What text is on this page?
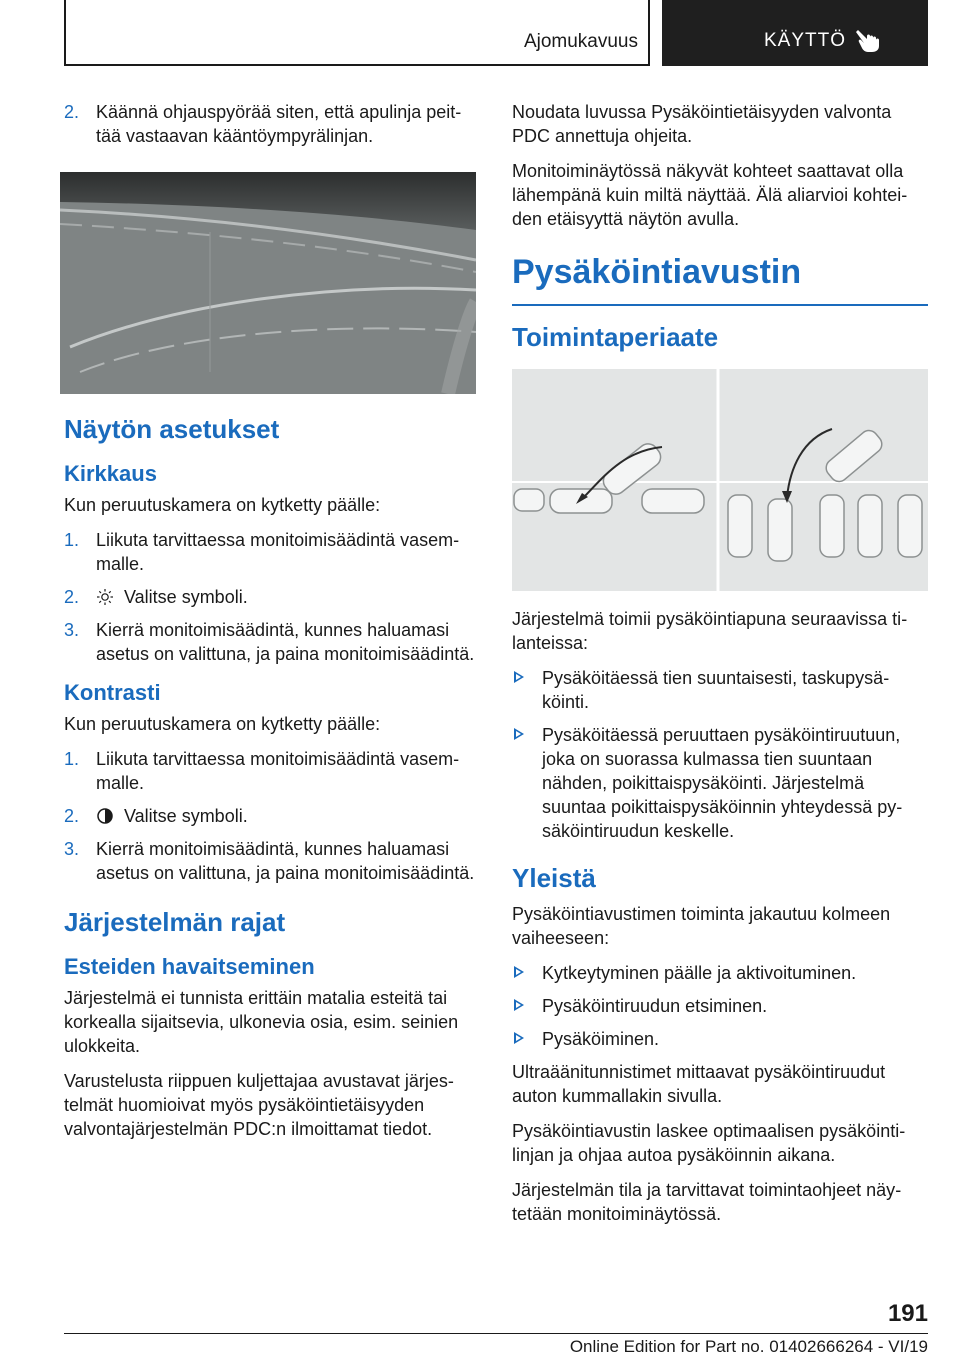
Ajomukavuus	KÄYTTÖ
2. Käännä ohjauspyörää siten, että apulinja peittää vastaavan kääntöympyrälinjan.
Näytön asetukset
Kirkkaus

Kun peruutuskamera on kytketty päälle:

1. Liikuta tarvittaessa monitoimisäädintä vasemmalle.
2. Valitse symboli.
3. Kierrä monitoimisäädintä, kunnes haluamasi asetus on valittuna, ja paina monitoimisäädintä.
Kontrasti

Kun peruutuskamera on kytketty päälle:

1. Liikuta tarvittaessa monitoimisäädintä vasemmalle.
2. Valitse symboli.
3. Kierrä monitoimisäädintä, kunnes haluamasi asetus on valittuna, ja paina monitoimisäädintä.
Järjestelmän rajat
Esteiden havaitseminen

Järjestelmä ei tunnista erittäin matalia esteitä tai korkealla sijaitsevia, ulkonevia osia, esim. seinien ulokkeita.

Varustelusta riippuen kuljettajaa avustavat järjestelmät huomioivat myös pysäköintietäisyyden valvontajärjestelmän PDC:n ilmoittamat tiedot.

Noudata luvussa Pysäköintietäisyyden valvonta PDC annettuja ohjeita.

Monitoiminäytössä näkyvät kohteet saattavat olla lähempänä kuin miltä näyttää. Älä aliarvioi kohteiden etäisyyttä näytön avulla.

Pysäköintiavustin
Toimintaperiaate

Järjestelmä toimii pysäköintiapuna seuraavissa tilanteissa:

Pysäköitäessä tien suuntaisesti, taskupysäköinti.
Pysäköitäessä peruuttaen pysäköintiruutuun, joka on suorassa kulmassa tien suuntaan nähden, poikittaispysäköinti. Järjestelmä suuntaa poikittaispysäköinnin yhteydessä pysäköintiruudun keskelle.
Yleistä

Pysäköintiavustimen toiminta jakautuu kolmeen vaiheeseen:

Kytkeytyminen päälle ja aktivoituminen.
Pysäköintiruudun etsiminen.
Pysäköiminen.

Ultraäänitunnistimet mittaavat pysäköintiruudut auton kummallakin sivulla.

Pysäköintiavustin laskee optimaalisen pysäköintilinjan ja ohjaa autoa pysäköinnin aikana.

Järjestelmän tila ja tarvittavat toimintaohjeet näytetään monitoiminäytössä.

191
Online Edition for Part no. 01402666264 - VI/19
